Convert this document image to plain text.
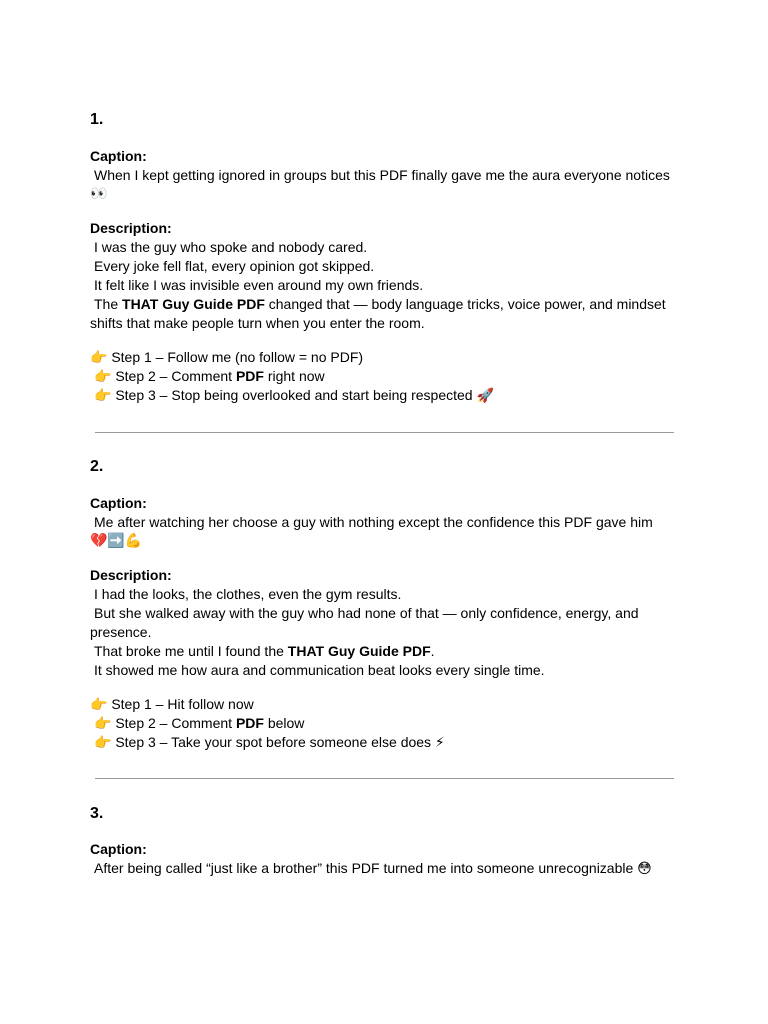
1.

Caption:

When I kept getting ignored in groups but this PDF finally gave me the aura everyone notices

👀

Description:

I was the guy who spoke and nobody cared.

Every joke fell flat, every opinion got skipped.

It felt like I was invisible even around my own friends.

The THAT Guy Guide PDF changed that — body language tricks, voice power, and mindset

shifts that make people turn when you enter the room.

👉 Step 1 – Follow me (no follow = no PDF)

👉 Step 2 – Comment PDF right now

👉 Step 3 – Stop being overlooked and start being respected 🚀

2.

Caption:

Me after watching her choose a guy with nothing except the confidence this PDF gave him

💔➡️💪

Description:

I had the looks, the clothes, even the gym results.

But she walked away with the guy who had none of that — only confidence, energy, and

presence.

That broke me until I found the THAT Guy Guide PDF.

It showed me how aura and communication beat looks every single time.

👉 Step 1 – Hit follow now

👉 Step 2 – Comment PDF below

👉 Step 3 – Take your spot before someone else does ⚡

3.

Caption:

After being called “just like a brother” this PDF turned me into someone unrecognizable 😳
